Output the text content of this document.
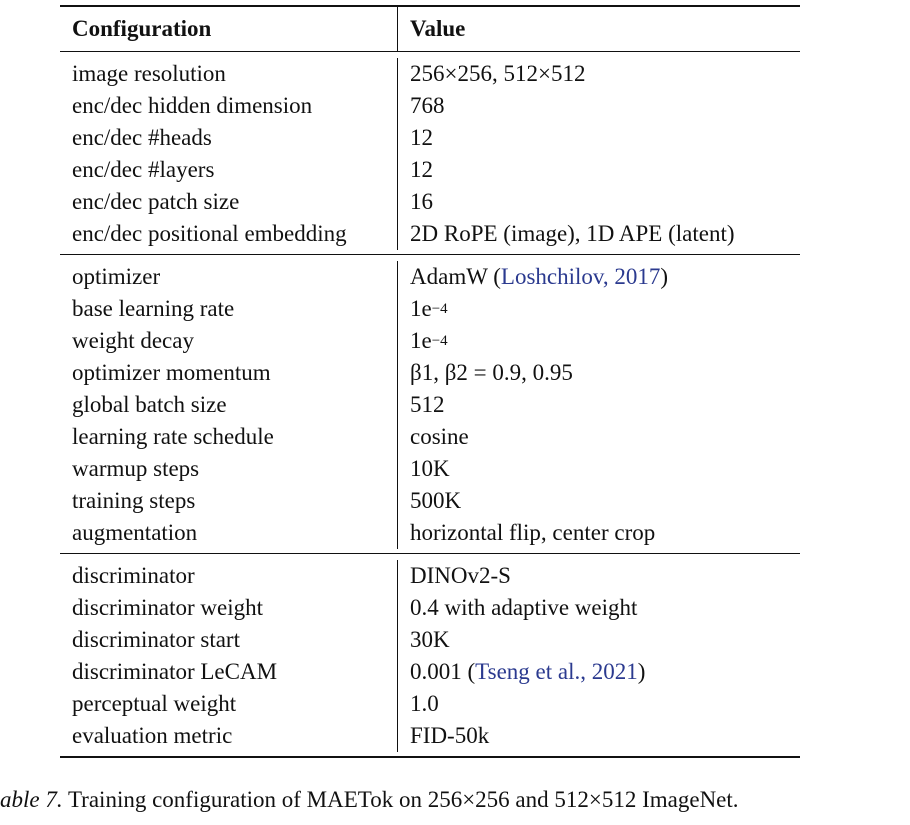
Configuration	Value
image resolution	256×256, 512×512
enc/dec hidden dimension	768
enc/dec #heads	12
enc/dec #layers	12
enc/dec patch size	16
enc/dec positional embedding	2D RoPE (image), 1D APE (latent)
optimizer	AdamW ( Loshchilov, 2017 )
base learning rate	1e −4
weight decay	1e −4
optimizer momentum	β1, β2 = 0.9, 0.95
global batch size	512
learning rate schedule	cosine
warmup steps	10K
training steps	500K
augmentation	horizontal flip, center crop
discriminator	DINOv2-S
discriminator weight	0.4 with adaptive weight
discriminator start	30K
discriminator LeCAM	0.001 ( Tseng et al., 2021 )
perceptual weight	1.0
evaluation metric	FID-50k
able 7. Training configuration of MAETok on 256×256 and 512×512 ImageNet.
